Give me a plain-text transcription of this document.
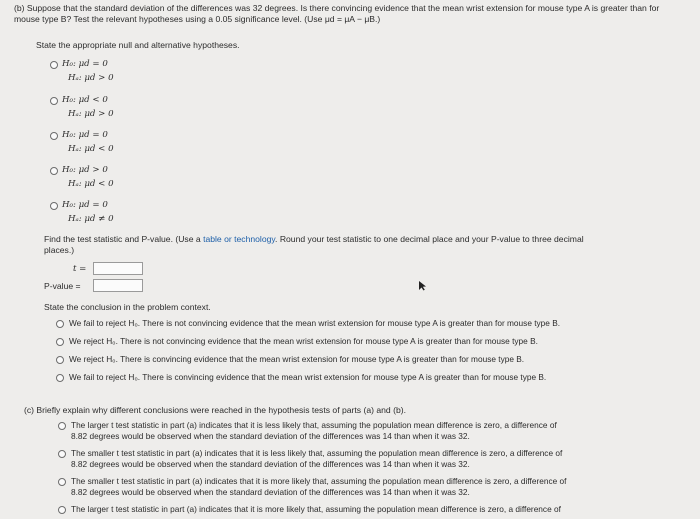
(b) Suppose that the standard deviation of the differences was 32 degrees. Is there convincing evidence that the mean wrist extension for mouse type A is greater than for mouse type B? Test the relevant hypotheses using a 0.05 significance level. (Use μd = μA − μB.)
State the appropriate null and alternative hypotheses.
H₀: μd = 0
Hₐ: μd > 0
H₀: μd < 0
Hₐ: μd > 0
H₀: μd = 0
Hₐ: μd < 0
H₀: μd > 0
Hₐ: μd < 0
H₀: μd = 0
Hₐ: μd ≠ 0
Find the test statistic and P-value. (Use a table or technology. Round your test statistic to one decimal place and your P-value to three decimal
places.)
t =
P-value =
State the conclusion in the problem context.
We fail to reject H₀. There is not convincing evidence that the mean wrist extension for mouse type A is greater than for mouse type B.
We reject H₀. There is not convincing evidence that the mean wrist extension for mouse type A is greater than for mouse type B.
We reject H₀. There is convincing evidence that the mean wrist extension for mouse type A is greater than for mouse type B.
We fail to reject H₀. There is convincing evidence that the mean wrist extension for mouse type A is greater than for mouse type B.
(c) Briefly explain why different conclusions were reached in the hypothesis tests of parts (a) and (b).
The larger t test statistic in part (a) indicates that it is less likely that, assuming the population mean difference is zero, a difference of
8.82 degrees would be observed when the standard deviation of the differences was 14 than when it was 32.
The smaller t test statistic in part (a) indicates that it is less likely that, assuming the population mean difference is zero, a difference of
8.82 degrees would be observed when the standard deviation of the differences was 14 than when it was 32.
The smaller t test statistic in part (a) indicates that it is more likely that, assuming the population mean difference is zero, a difference of
8.82 degrees would be observed when the standard deviation of the differences was 14 than when it was 32.
The larger t test statistic in part (a) indicates that it is more likely that, assuming the population mean difference is zero, a difference of
